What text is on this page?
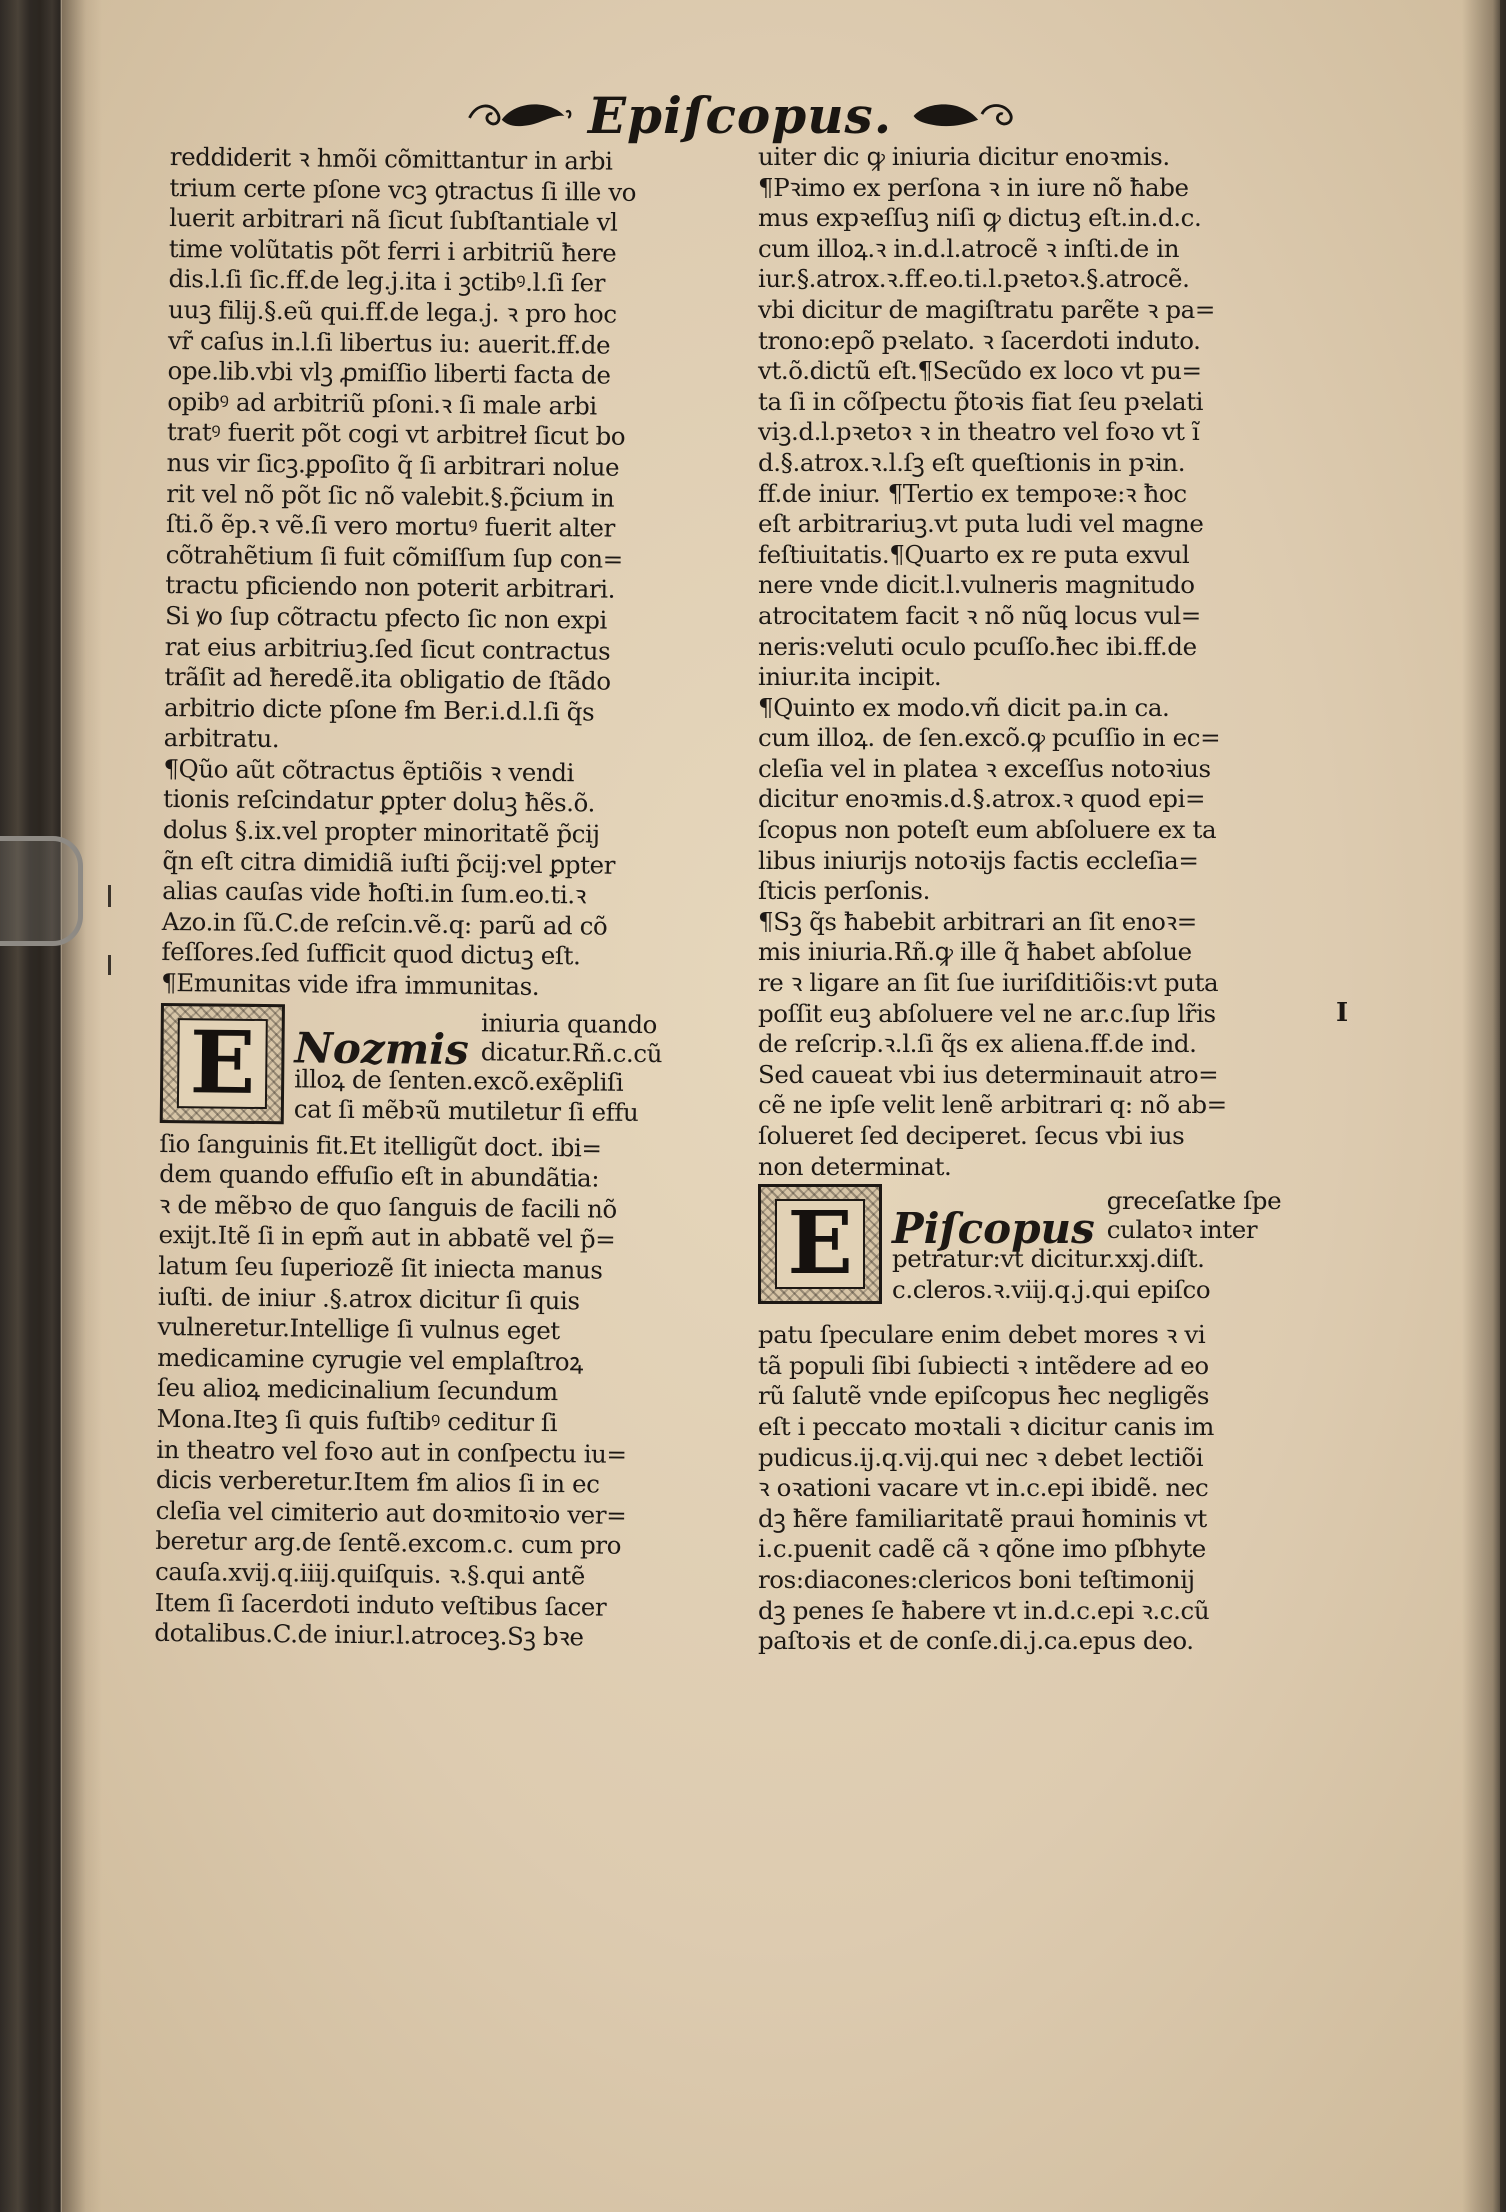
Epiſcopus.
reddiderit ꝛ hmõi cõmittantur in arbi
trium certe pſone vcꝫ ꝯtractus ſi ille vo
luerit arbitrari nã ſicut ſubſtantiale vl
time volũtatis põt ferri i arbitriũ ħere
dis.l.ſi ſic.ff.de leg.j.ita i ꝫctibꝰ.l.ſi ſer
uuꝫ filij.§.eũ qui.ff.de lega.j. ꝛ pro hoc
vr̃ caſus in.l.ſi libertus iu: auerit.ff.de
ope.lib.vbi vlꝫ ꝓmiſſio liberti facta de
opibꝰ ad arbitriũ pſoni.ꝛ ſi male arbi
tratꝰ fuerit põt cogi vt arbitreł ſicut bo
nus vir ſicꝫ.ꝑpoſito q̃ ſi arbitrari nolue
rit vel nõ põt ſic nõ valebit.§.p̃cium in
ſti.õ ẽp.ꝛ vẽ.ſi vero mortuꝰ fuerit alter
cõtrahẽtium ſi fuit cõmiſſum ſup con=
tractu pficiendo non poterit arbitrari.
Si ꝟo ſup cõtractu pfecto ſic non expi
rat eius arbitriuꝫ.ſed ſicut contractus
trãſit ad ħeredẽ.ita obligatio de ſtãdo
arbitrio dicte pſone ẜm Ber.i.d.l.ſi q̃s
arbitratu.
¶Qũo aũt cõtractus ẽptiõis ꝛ vendi
tionis reſcindatur ꝑpter doluꝫ ħẽs.õ.
dolus §.ix.vel propter minoritatẽ p̃cij
q̃n eſt citra dimidiã iuſti p̃cij:vel ꝑpter
alias cauſas vide ħoſti.in ſum.eo.ti.ꝛ
Azo.in ſũ.C.de reſcin.vẽ.q: parũ ad cõ
feſſores.ſed ſufficit quod dictuꝫ eſt.
¶Emunitas vide ifra immunitas.
E Nozmis
iniuria quando
dicatur.Rñ.c.cũ
illoꝝ de ſenten.excõ.exẽpliſi
cat ſi mẽbꝛũ mutiletur ſi effu
ſio ſanguinis fit.Et itelligũt doct. ibi=
dem quando effuſio eſt in abundãtia:
ꝛ de mẽbꝛo de quo ſanguis de facili nõ
exijt.Itẽ ſi in epm̃ aut in abbatẽ vel p̃=
latum ſeu ſuperiozẽ ſit iniecta manus
iuſti. de iniur .§.atrox dicitur ſi quis
vulneretur.Intellige ſi vulnus eget
medicamine cyrugie vel emplaſtroꝝ
ſeu alioꝝ medicinalium ſecundum
Mona.Iteꝫ ſi quis fuſtibꝰ ceditur ſi
in theatro vel foꝛo aut in conſpectu iu=
dicis verberetur.Item ẜm alios ſi in ec
cleſia vel cimiterio aut doꝛmitoꝛio ver=
beretur arg.de ſentẽ.excom.c. cum pro
cauſa.xvij.q.iiij.quiſquis. ꝛ.§.qui antẽ
Item ſi ſacerdoti induto veſtibus ſacer
dotalibus.C.de iniur.l.atroceꝫ.Sꝫ bꝛe
uiter dic ꝙ iniuria dicitur enoꝛmis.
¶Pꝛimo ex perſona ꝛ in iure nõ ħabe
mus expꝛeſſuꝫ niſi ꝙ dictuꝫ eſt.in.d.c.
cum illoꝝ.ꝛ in.d.l.atrocẽ ꝛ inſti.de in
iur.§.atrox.ꝛ.ff.eo.ti.l.pꝛetoꝛ.§.atrocẽ.
vbi dicitur de magiſtratu parẽte ꝛ pa=
trono:epõ pꝛelato. ꝛ ſacerdoti induto.
vt.õ.dictũ eſt.¶Secũdo ex loco vt pu=
ta ſi in cõſpectu p̃toꝛis fiat ſeu pꝛelati
viꝫ.d.l.pꝛetoꝛ ꝛ in theatro vel foꝛo vt ĩ
d.§.atrox.ꝛ.l.ſꝫ eſt queſtionis in pꝛin.
ff.de iniur. ¶Tertio ex tempoꝛe:ꝛ ħoc
eſt arbitrariuꝫ.vt puta ludi vel magne
feſtiuitatis.¶Quarto ex re puta exvul
nere vnde dicit.l.vulneris magnitudo
atrocitatem facit ꝛ nõ nũꝗ locus vul=
neris:veluti oculo pcuſſo.ħec ibi.ff.de
iniur.ita incipit.
¶Quinto ex modo.vñ dicit pa.in ca.
cum illoꝝ. de ſen.excõ.ꝙ pcuſſio in ec=
cleſia vel in platea ꝛ exceſſus notoꝛius
dicitur enoꝛmis.d.§.atrox.ꝛ quod epi=
ſcopus non poteſt eum abſoluere ex ta
libus iniurijs notoꝛijs factis eccleſia=
ſticis perſonis.
¶Sꝫ q̃s ħabebit arbitrari an ſit enoꝛ=
mis iniuria.Rñ.ꝙ ille q̃ ħabet abſolue
re ꝛ ligare an ſit ſue iuriſditiõis:vt puta
poſſit euꝫ abſoluere vel ne ar.c.ſup lr̃is
de reſcrip.ꝛ.l.ſi q̃s ex aliena.ff.de ind.
Sed caueat vbi ius determinauit atro=
cẽ ne ipſe velit lenẽ arbitrari q: nõ ab=
ſolueret ſed deciperet. ſecus vbi ius
non determinat.
E Piſcopus
greceſatke ſpe
culatoꝛ inter
petratur:vt dicitur.xxj.diſt.
c.cleros.ꝛ.viij.q.j.qui epiſco
patu ſpeculare enim debet mores ꝛ vi
tã populi ſibi ſubiecti ꝛ intẽdere ad eo
rũ ſalutẽ vnde epiſcopus ħec negligẽs
eſt i peccato moꝛtali ꝛ dicitur canis im
pudicus.ij.q.vij.qui nec ꝛ debet lectiõi
ꝛ oꝛationi vacare vt in.c.epi ibidẽ. nec
dꝫ ħẽre familiaritatẽ praui ħominis vt
i.c.puenit cadẽ cã ꝛ qõne imo pſbhyte
ros:diacones:clericos boni teſtimonij
dꝫ penes ſe ħabere vt in.d.c.epi ꝛ.c.cũ
paſtoꝛis et de conſe.di.j.ca.epus deo.
I
